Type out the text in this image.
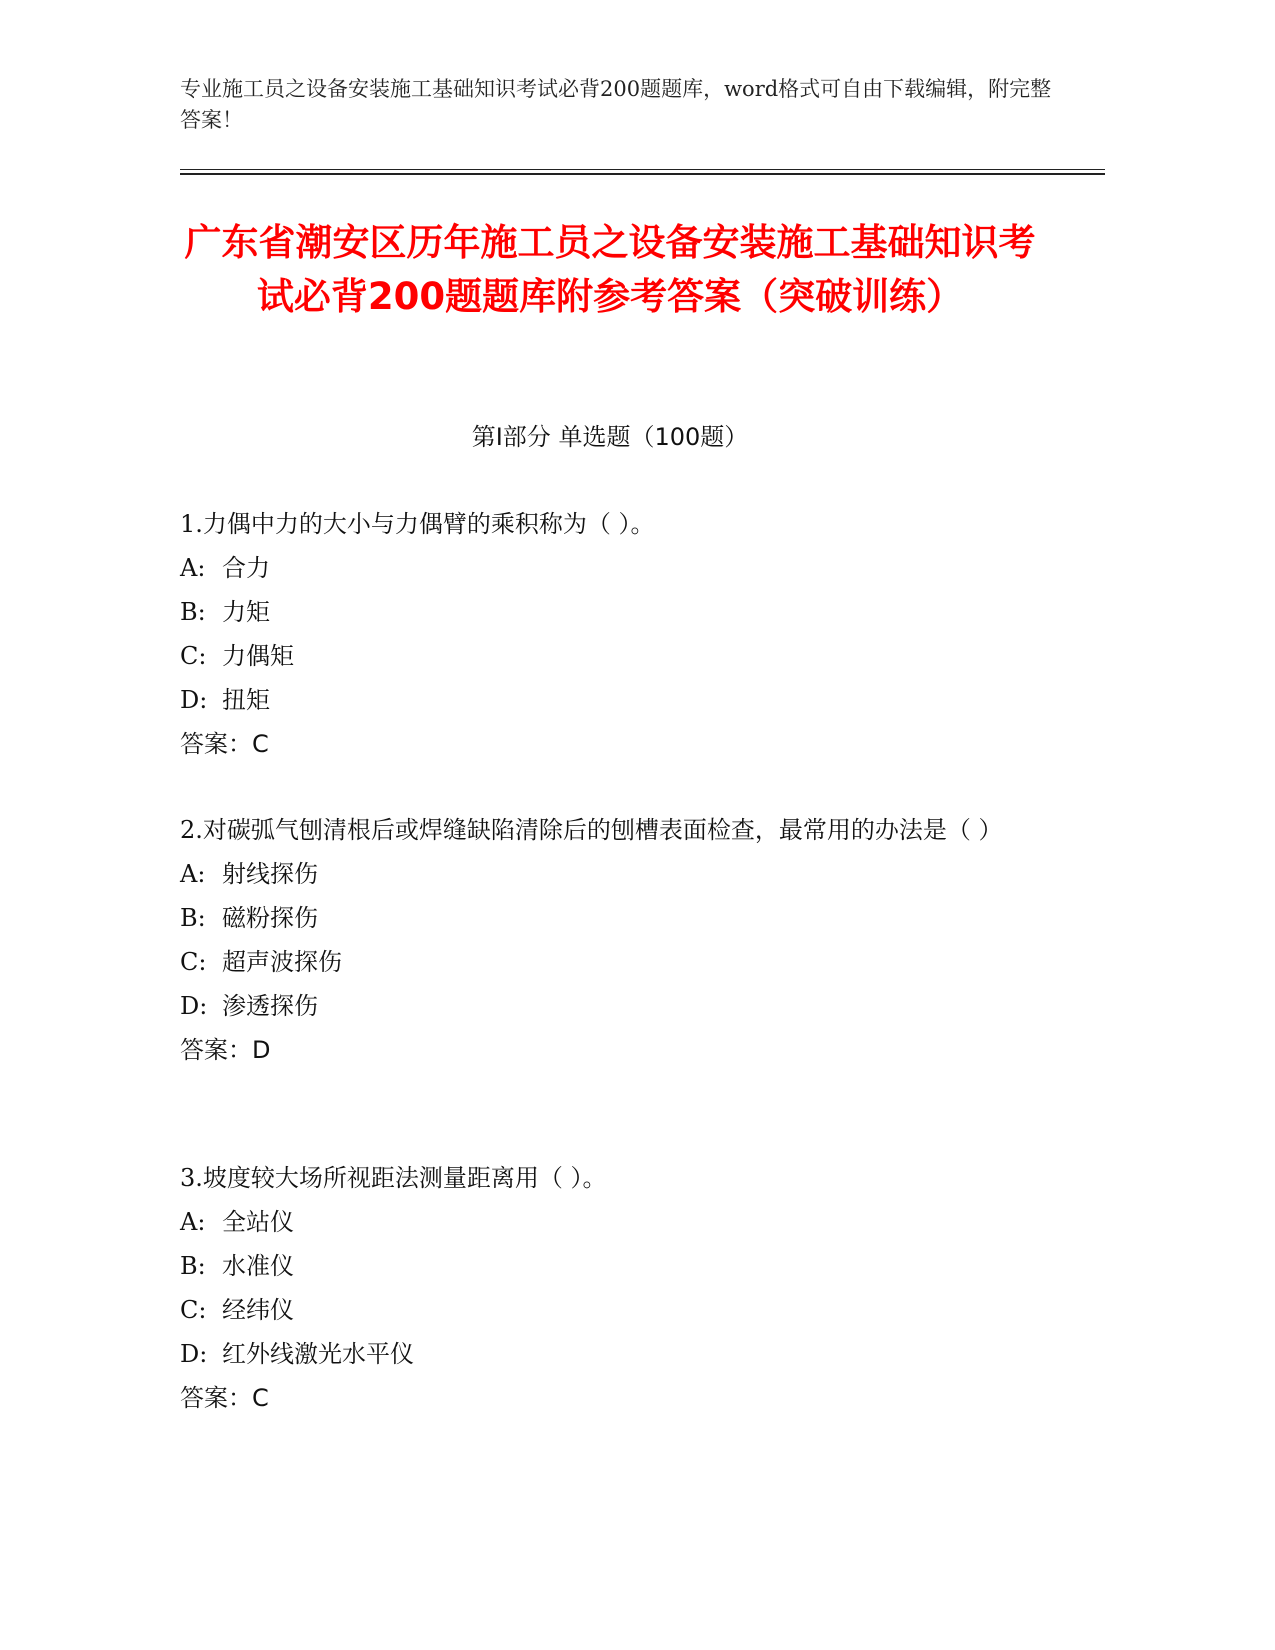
专业施工员之设备安装施工基础知识考试必背200题题库，word格式可自由下载编辑，附完整答案！
广东省潮安区历年施工员之设备安装施工基础知识考试必背200题题库附参考答案（突破训练）
第Ⅰ部分 单选题（100题）
1.力偶中力的大小与力偶臂的乘积称为（ ）。
A: 合力
B: 力矩
C: 力偶矩
D: 扭矩
答案：C
2.对碳弧气刨清根后或焊缝缺陷清除后的刨槽表面检查，最常用的办法是（ ）
A: 射线探伤
B: 磁粉探伤
C: 超声波探伤
D: 渗透探伤
答案：D
3.坡度较大场所视距法测量距离用（ ）。
A: 全站仪
B: 水准仪
C: 经纬仪
D: 红外线激光水平仪
答案：C
